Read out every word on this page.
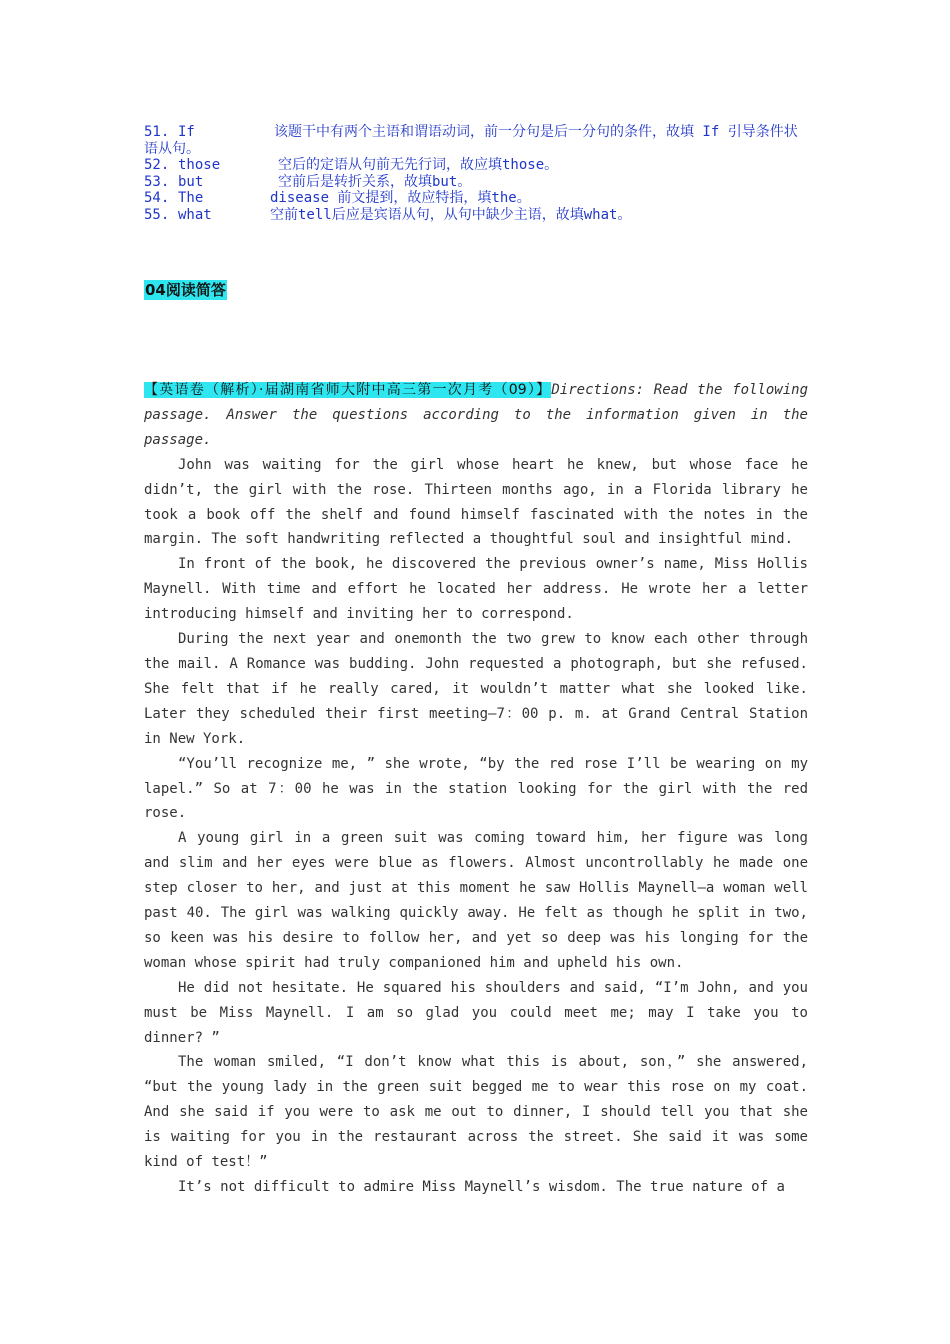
51. If	该题干中有两个主语和谓语动词，前一分句是后一分句的条件，故填 If 引导条件状语从句。
52. those	空后的定语从句前无先行词，故应填those。
53. but	空前后是转折关系，故填but。
54. The	disease 前文提到，故应特指，填the。
55. what	空前tell后应是宾语从句，从句中缺少主语，故填what。
04阅读简答

【英语卷（解析）·届湖南省师大附中高三第一次月考（09）】Directions: Read the following passage. Answer the questions according to the information given in the passage.

John was waiting for the girl whose heart he knew, but whose face he didn’t, the girl with the rose. Thirteen months ago, in a Florida library he took a book off the shelf and found himself fascinated with the notes in the margin. The soft handwriting reflected a thoughtful soul and insightful mind.

In front of the book, he discovered the previous owner’s name, Miss Hollis Maynell. With time and effort he located her address. He wrote her a letter introducing himself and inviting her to correspond.

During the next year and onemonth the two grew to know each other through the mail. A Romance was budding. John requested a photograph, but she refused. She felt that if he really cared, it wouldn’t matter what she looked like. Later they scheduled their first meeting—7：00 p. m. at Grand Central Station in New York.

“You’ll recognize me, ” she wrote, “by the red rose I’ll be wearing on my lapel.” So at 7：00 he was in the station looking for the girl with the red rose.

A young girl in a green suit was coming toward him, her figure was long and slim and her eyes were blue as flowers. Almost uncontrollably he made one step closer to her, and just at this moment he saw Hollis Maynell—a woman well past 40. The girl was walking quickly away. He felt as though he split in two, so keen was his desire to follow her, and yet so deep was his longing for the woman whose spirit had truly companioned him and upheld his own.

He did not hesitate. He squared his shoulders and said, “I’m John, and you must be Miss Maynell. I am so glad you could meet me; may I take you to dinner? ”

The woman smiled, “I don’t know what this is about, son，” she answered, “but the young lady in the green suit begged me to wear this rose on my coat. And she said if you were to ask me out to dinner, I should tell you that she is waiting for you in the restaurant across the street. She said it was some kind of test！”

It’s not difficult to admire Miss Maynell’s wisdom. The true nature of a
